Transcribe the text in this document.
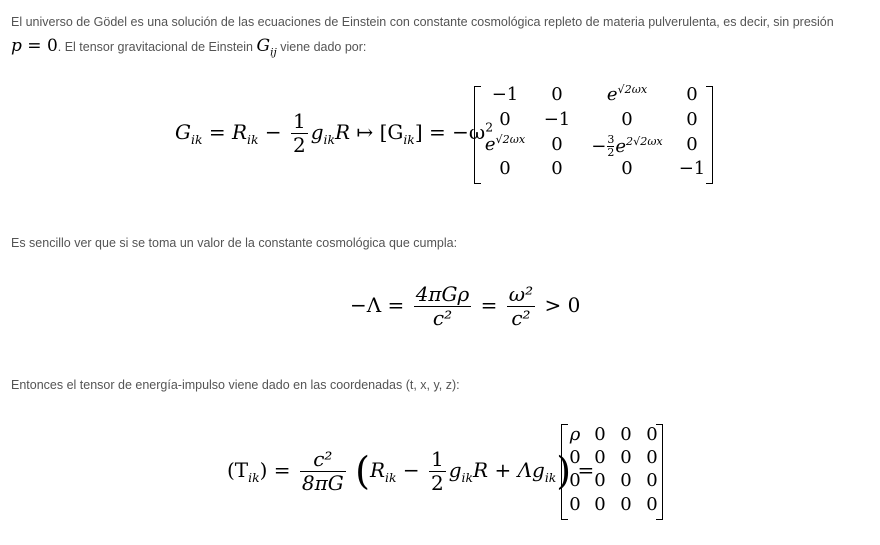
El universo de Gödel es una solución de las ecuaciones de Einstein con constante cosmológica repleto de materia pulverulenta, es decir, sin presión
p = 0. El tensor gravitacional de Einstein $G_{ij}$ viene dado por:
$G_{ik} = R_{ik} - \frac{1}{2} g_{ik}R$ ↦ $[G_{ik}] = -\omega^2$
−1	0	$e^{√2\omega x}$	0
0	−1	0	0
$e^{√2\omega x}$	0	− $\frac{3}{2} e^{2√2\omega x}$	0
0	0	0	−1
Es sencillo ver que si se toma un valor de la constante cosmológica que cumpla:
$-\Lambda = \frac{\text{4πGρ}}{\text{c²}} = \frac{\text{ω²}}{\text{c²}} > 0$
Entonces el tensor de energía-impulso viene dado en las coordenadas (t, x, y, z):
$(T_{ik}) = \frac{\text{c²}}{8\pi G} (R_{ik} - \frac{1}{2} g_{ik}R + \Lambda g_{ik})$ =
ρ 0 0 0
0 0 0 0
0 0 0 0
0 0 0 0
